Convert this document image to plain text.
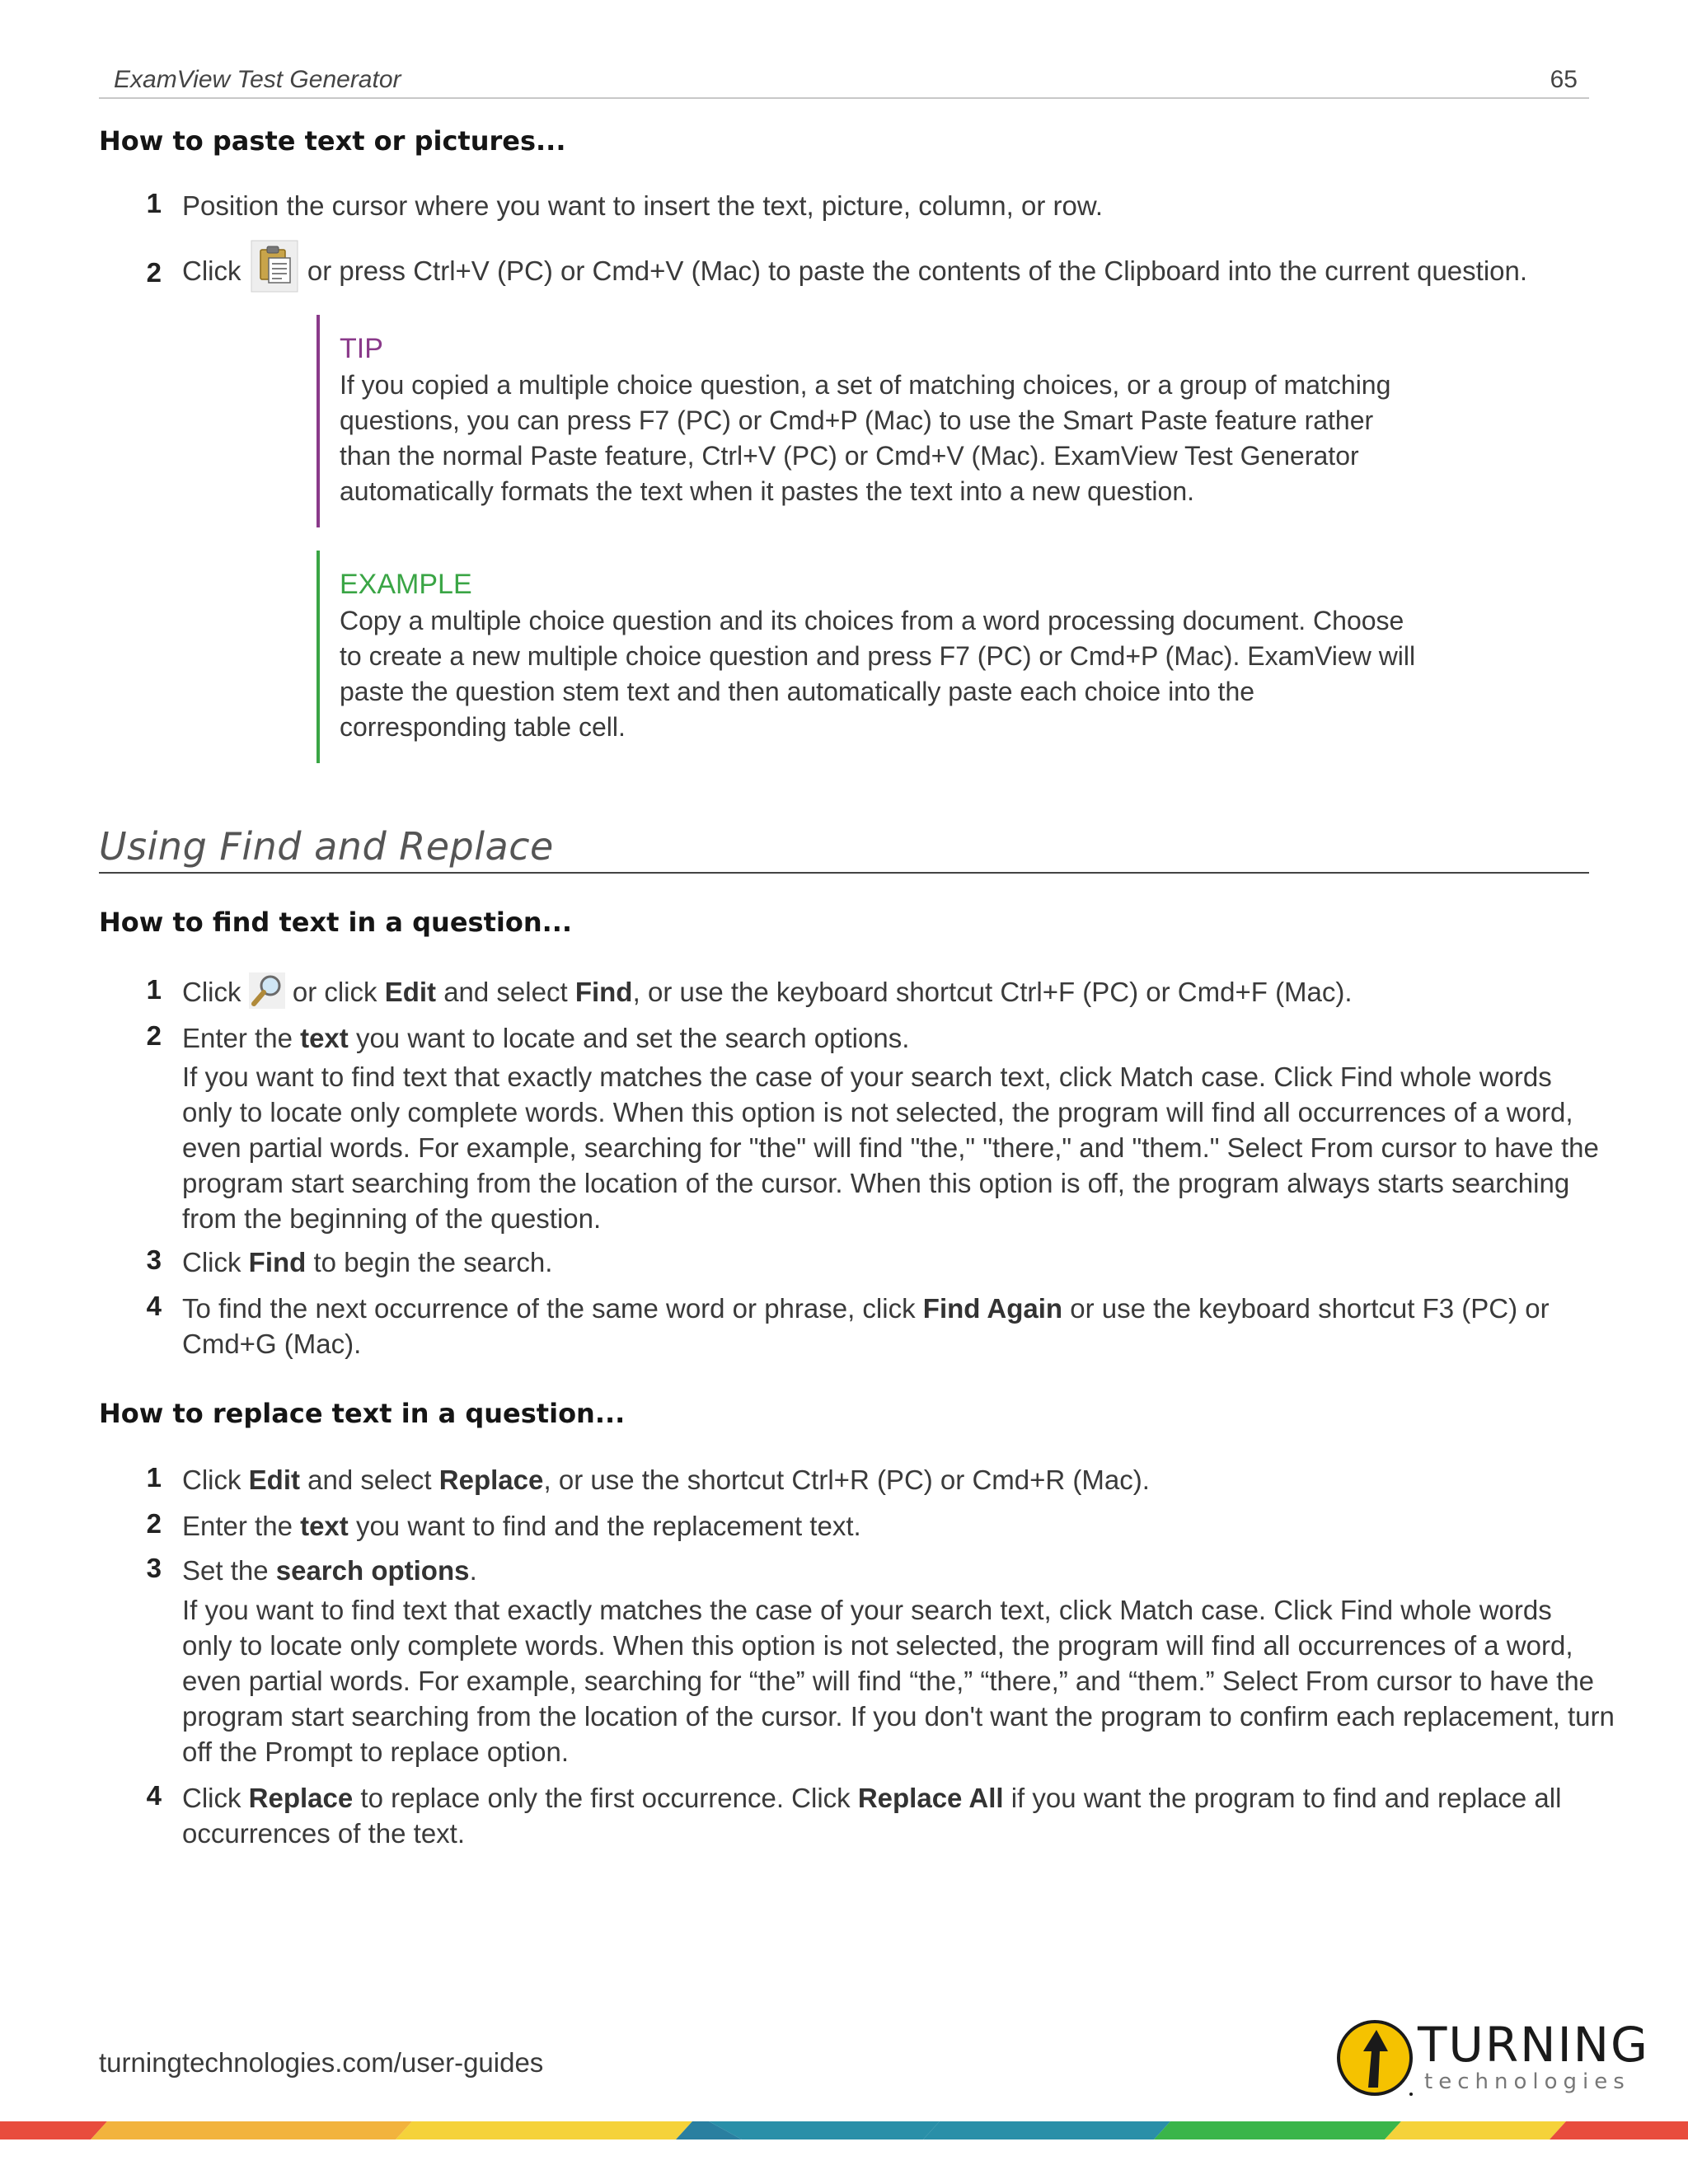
ExamView Test Generator	65
How to paste text or pictures...
1 Position the cursor where you want to insert the text, picture, column, or row.
2 Click or press Ctrl+V (PC) or Cmd+V (Mac) to paste the contents of the Clipboard into the current question.
TIP
If you copied a multiple choice question, a set of matching choices, or a group of matching
questions, you can press F7 (PC) or Cmd+P (Mac) to use the Smart Paste feature rather
than the normal Paste feature, Ctrl+V (PC) or Cmd+V (Mac). ExamView Test Generator
automatically formats the text when it pastes the text into a new question.
EXAMPLE
Copy a multiple choice question and its choices from a word processing document. Choose
to create a new multiple choice question and press F7 (PC) or Cmd+P (Mac). ExamView will
paste the question stem text and then automatically paste each choice into the
corresponding table cell.
Using Find and Replace
How to find text in a question...
1 Click or click Edit and select Find , or use the keyboard shortcut Ctrl+F (PC) or Cmd+F (Mac).
2 Enter the text you want to locate and set the search options.
If you want to find text that exactly matches the case of your search text, click Match case. Click Find whole words
only to locate only complete words. When this option is not selected, the program will find all occurrences of a word,
even partial words. For example, searching for "the" will find "the," "there," and "them." Select From cursor to have the
program start searching from the location of the cursor. When this option is off, the program always starts searching
from the beginning of the question.
3 Click Find to begin the search.
4 To find the next occurrence of the same word or phrase, click Find Again or use the keyboard shortcut F3 (PC) or
Cmd+G (Mac).
How to replace text in a question...
1 Click Edit and select Replace , or use the shortcut Ctrl+R (PC) or Cmd+R (Mac).
2 Enter the text you want to find and the replacement text.
3 Set the search options .
If you want to find text that exactly matches the case of your search text, click Match case. Click Find whole words
only to locate only complete words. When this option is not selected, the program will find all occurrences of a word,
even partial words. For example, searching for “the” will find “the,” “there,” and “them.” Select From cursor to have the
program start searching from the location of the cursor. If you don't want the program to confirm each replacement, turn
off the Prompt to replace option.
4 Click Replace to replace only the first occurrence. Click Replace All if you want the program to find and replace all
occurrences of the text.
turningtechnologies.com/user-guides	TURNING
technologies
